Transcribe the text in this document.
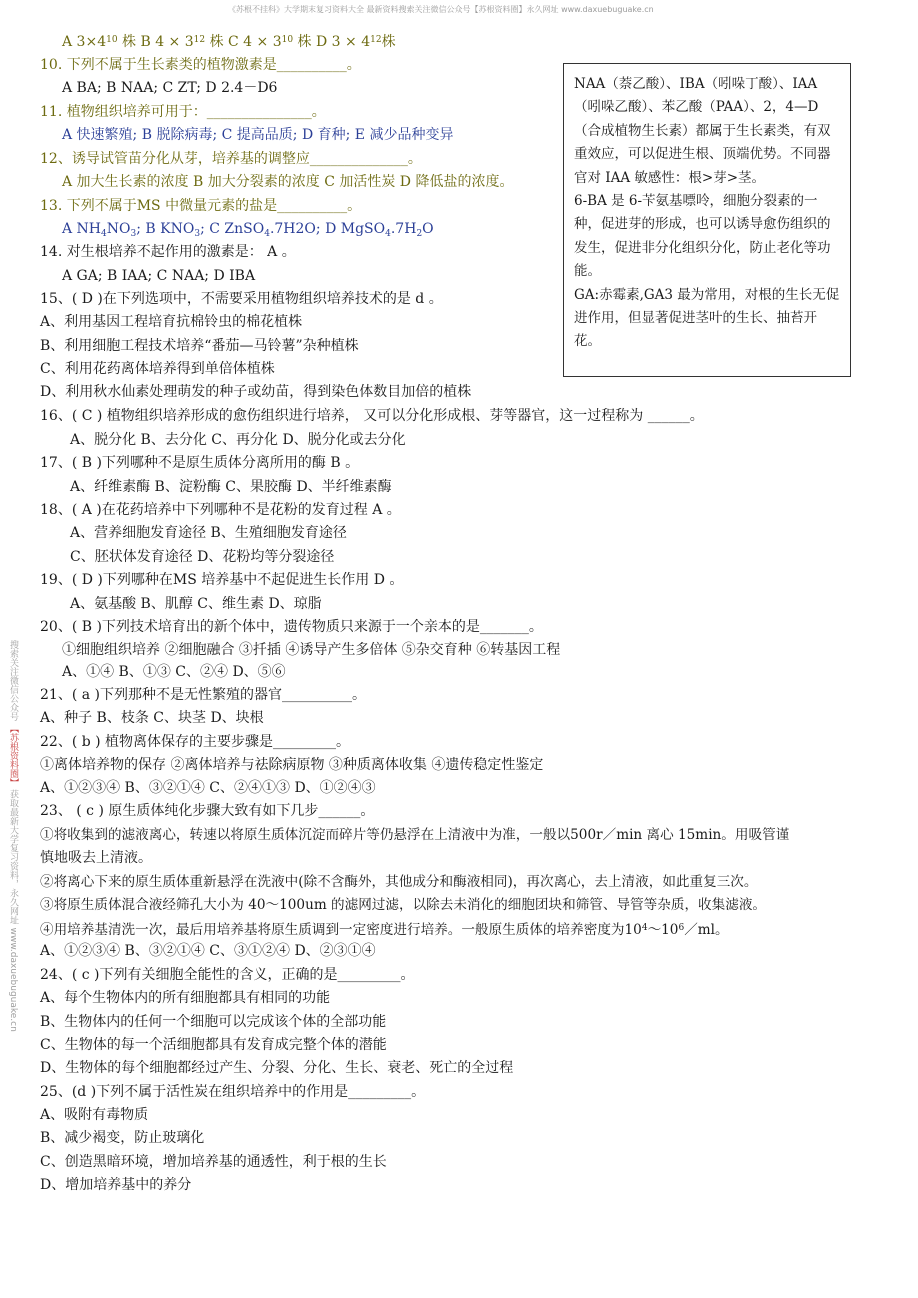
《苏根不挂科》大学期末复习资料大全 最新资料搜索关注微信公众号【苏根资料圈】永久网址 www.daxuebuguake.cn
搜索关注微信公众号 【苏根资料圈】 获取最新大学复习资料，永久网址 www.daxuebuguake.cn
A $3\times 4^{10}$ 株 B $4 \times 3^{12}$ 株 C $4 \times 3^{10}$ 株 D $3 \times 4^{12}$株
10. 下列不属于生长素类的植物激素是__________。
A BA; B NAA; C ZT; D 2.4－D6
11. 植物组织培养可用于：_______________。
A 快速繁殖; B 脱除病毒; C 提高品质; D 育种; E 减少品种变异
12、诱导试管苗分化从芽，培养基的调整应______________。
A 加大生长素的浓度 B 加大分裂素的浓度 C 加活性炭 D 降低盐的浓度。
13. 下列不属于MS 中微量元素的盐是__________。
A $NH_4NO_3$; B $KNO_3$; C ZnSO$_4$.7H2O; D $MgSO_4.7H_2O$
14. 对生根培养不起作用的激素是： A 。
A GA; B IAA; C NAA; D IBA
15、( D )在下列选项中，不需要采用植物组织培养技术的是 d 。
A、利用基因工程培育抗棉铃虫的棉花植株
B、利用细胞工程技术培养“番茄—马铃薯”杂种植株
C、利用花药离体培养得到单倍体植株
D、利用秋水仙素处理萌发的种子或幼苗，得到染色体数目加倍的植株
16、( C ) 植物组织培养形成的愈伤组织进行培养， 又可以分化形成根、芽等器官，这一过程称为 ______。
A、脱分化 B、去分化 C、再分化 D、脱分化或去分化
17、( B )下列哪种不是原生质体分离所用的酶 B 。
A、纤维素酶 B、淀粉酶 C、果胶酶 D、半纤维素酶
18、( A )在花药培养中下列哪种不是花粉的发育过程 A 。
A、营养细胞发育途径 B、生殖细胞发育途径
C、胚状体发育途径 D、花粉均等分裂途径
19、( D )下列哪种在MS 培养基中不起促进生长作用 D 。
A、氨基酸 B、肌醇 C、维生素 D、琼脂
20、( B )下列技术培育出的新个体中，遗传物质只来源于一个亲本的是_______。
①细胞组织培养 ②细胞融合 ③扦插 ④诱导产生多倍体 ⑤杂交育种 ⑥转基因工程
A、①④ B、①③ C、②④ D、⑤⑥
21、( a )下列那种不是无性繁殖的器官__________。
A、种子 B、枝条 C、块茎 D、块根
22、( b ) 植物离体保存的主要步骤是_________。
①离体培养物的保存 ②离体培养与祛除病原物 ③种质离体收集 ④遗传稳定性鉴定
A、①②③④ B、③②①④ C、②④①③ D、①②④③
23、 ( c ) 原生质体纯化步骤大致有如下几步______。
①将收集到的滤液离心，转速以将原生质体沉淀而碎片等仍悬浮在上清液中为准，一般以500r／min 离心 15min。用吸管谨
慎地吸去上清液。
②将离心下来的原生质体重新悬浮在洗液中(除不含酶外，其他成分和酶液相同)，再次离心，去上清液，如此重复三次。
③将原生质体混合液经筛孔大小为 40～100um 的滤网过滤，以除去未消化的细胞团块和筛管、导管等杂质，收集滤液。
④用培养基清洗一次，最后用培养基将原生质调到一定密度进行培养。一般原生质体的培养密度为$10^4\sim 10^6/ml$。
A、①②③④ B、③②①④ C、③①②④ D、②③①④
24、( c )下列有关细胞全能性的含义，正确的是_________。
A、每个生物体内的所有细胞都具有相同的功能
B、生物体内的任何一个细胞可以完成该个体的全部功能
C、生物体的每一个活细胞都具有发育成完整个体的潜能
D、生物体的每个细胞都经过产生、分裂、分化、生长、衰老、死亡的全过程
25、(d )下列不属于活性炭在组织培养中的作用是_________。
A、吸附有毒物质
B、减少褐变，防止玻璃化
C、创造黑暗环境，增加培养基的通透性，利于根的生长
D、增加培养基中的养分

NAA（萘乙酸）、IBA（吲哚丁酸）、IAA（吲哚乙酸）、苯乙酸（PAA）、2，4—D（合成植物生长素）都属于生长素类，有双重效应，可以促进生根、顶端优势。不同器官对 IAA 敏感性：根>芽>茎。

6-BA 是 6-苄氨基嘌呤，细胞分裂素的一种，促进芽的形成，也可以诱导愈伤组织的发生，促进非分化组织分化，防止老化等功能。

GA:赤霉素,GA3 最为常用，对根的生长无促进作用，但显著促进茎叶的生长、抽苔开花。
